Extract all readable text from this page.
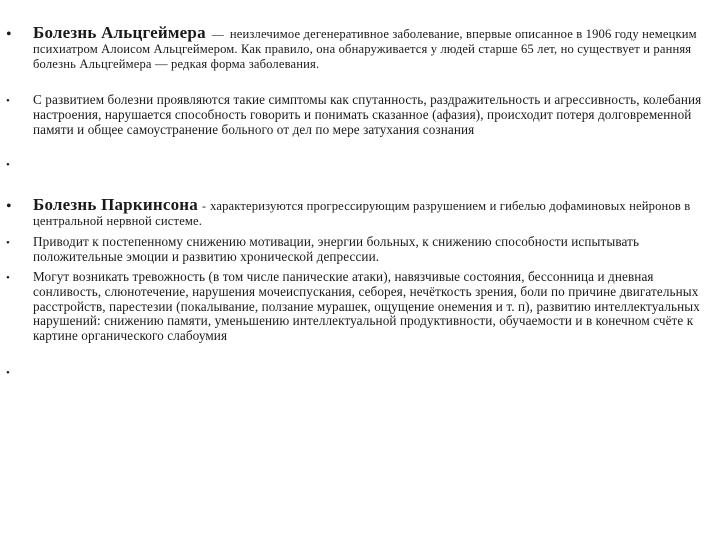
• Болезнь Альцгеймера — неизлечимое дегенеративное заболевание, впервые описанное в 1906 году немецким психиатром Алоисом Альцгеймером. Как правило, она обнаруживается у людей старше 65 лет, но существует и ранняя болезнь Альцгеймера — редкая форма заболевания.
• С развитием болезни проявляются такие симптомы как спутанность, раздражительность и агрессивность, колебания настроения, нарушается способность говорить и понимать сказанное (афазия), происходит потеря долговременной памяти и общее самоустранение больного от дел по мере затухания сознания
•
• Болезнь Паркинсона - характеризуются прогрессирующим разрушением и гибелью дофаминовых нейронов в центральной нервной системе.
• Приводит к постепенному снижению мотивации, энергии больных, к снижению способности испытывать положительные эмоции и развитию хронической депрессии.
• Могут возникать тревожность (в том числе панические атаки), навязчивые состояния, бессонница и дневная сонливость, слюнотечение, нарушения мочеиспускания, себорея, нечёткость зрения, боли по причине двигательных расстройств, парестезии (покалывание, ползание мурашек, ощущение онемения и т. п), развитию интеллектуальных нарушений: снижению памяти, уменьшению интеллектуальной продуктивности, обучаемости и в конечном счёте к картине органического слабоумия
•
